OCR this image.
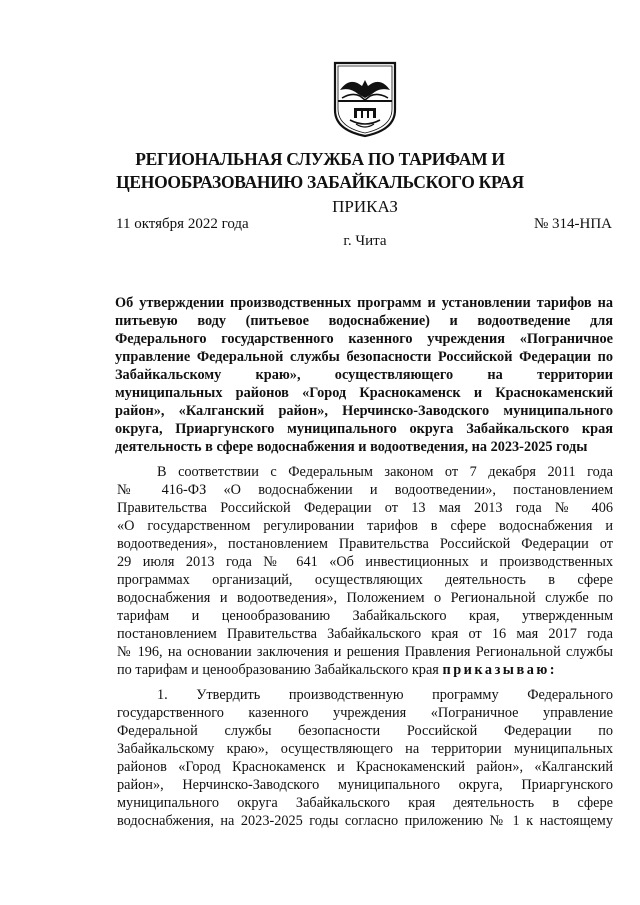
РЕГИОНАЛЬНАЯ СЛУЖБА ПО ТАРИФАМ И
ЦЕНООБРАЗОВАНИЮ ЗАБАЙКАЛЬСКОГО КРАЯ
ПРИКАЗ
11 октября 2022 года	№ 314-НПА
г. Чита
Об утверждении производственных программ и установлении тарифов на
питьевую воду (питьевое водоснабжение) и водоотведение для
Федерального государственного казенного учреждения «Пограничное
управление Федеральной службы безопасности Российской Федерации по
Забайкальскому краю», осуществляющего на территории
муниципальных районов «Город Краснокаменск и Краснокаменский
район», «Калганский район», Нерчинско-Заводского муниципального
округа, Приаргунского муниципального округа Забайкальского края
деятельность в сфере водоснабжения и водоотведения, на 2023-2025 годы
В соответствии с Федеральным законом от 7 декабря 2011 года
№ 416-ФЗ «О водоснабжении и водоотведении», постановлением
Правительства Российской Федерации от 13 мая 2013 года № 406
«О государственном регулировании тарифов в сфере водоснабжения и
водоотведения», постановлением Правительства Российской Федерации от
29 июля 2013 года № 641 «Об инвестиционных и производственных
программах организаций, осуществляющих деятельность в сфере
водоснабжения и водоотведения», Положением о Региональной службе по
тарифам и ценообразованию Забайкальского края, утвержденным
постановлением Правительства Забайкальского края от 16 мая 2017 года
№ 196, на основании заключения и решения Правления Региональной службы
по тарифам и ценообразованию Забайкальского края приказываю:
1. Утвердить производственную программу Федерального
государственного казенного учреждения «Пограничное управление
Федеральной службы безопасности Российской Федерации по
Забайкальскому краю», осуществляющего на территории муниципальных
районов «Город Краснокаменск и Краснокаменский район», «Калганский
район», Нерчинско-Заводского муниципального округа, Приаргунского
муниципального округа Забайкальского края деятельность в сфере
водоснабжения, на 2023-2025 годы согласно приложению № 1 к настоящему
